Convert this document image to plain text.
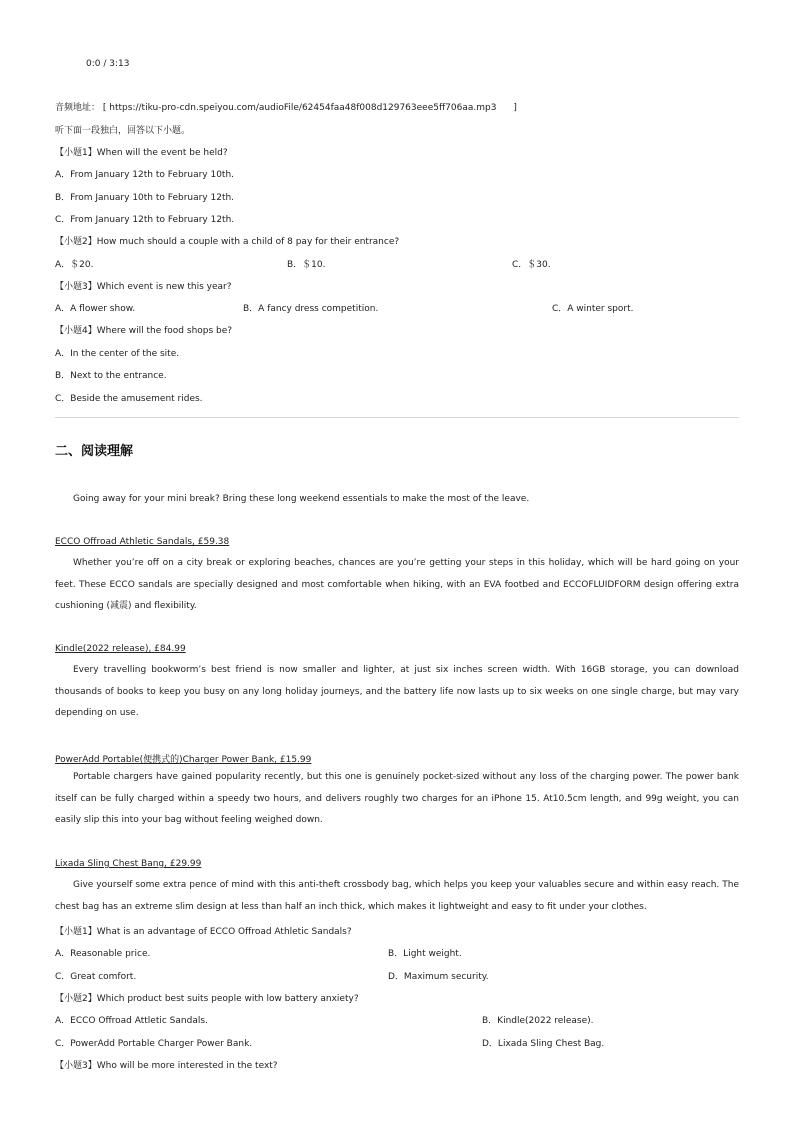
0:0 / 3:13
音频地址： [ https://tiku-pro-cdn.speiyou.com/audioFile/62454faa48f008d129763eee5ff706aa.mp3 ]
听下面一段独白，回答以下小题。
【小题1】When will the event be held?
A．From January 12th to February 10th.
B．From January 10th to February 12th.
C．From January 12th to February 12th.
【小题2】How much should a couple with a child of 8 pay for their entrance?
A．＄20.	B．＄10.	C．＄30.
【小题3】Which event is new this year?
A．A flower show.	B．A fancy dress competition.	C．A winter sport.
【小题4】Where will the food shops be?
A．In the center of the site.
B．Next to the entrance.
C．Beside the amusement rides.
二、阅读理解
Going away for your mini break? Bring these long weekend essentials to make the most of the leave.
ECCO Offroad Athletic Sandals, £59.38
Whether you’re off on a city break or exploring beaches, chances are you’re getting your steps in this holiday, which will be hard going on your feet. These ECCO sandals are specially designed and most comfortable when hiking, with an EVA footbed and ECCOFLUIDFORM design offering extra cushioning (减震) and flexibility.
Kindle(2022 release), £84.99
Every travelling bookworm’s best friend is now smaller and lighter, at just six inches screen width. With 16GB storage, you can download thousands of books to keep you busy on any long holiday journeys, and the battery life now lasts up to six weeks on one single charge, but may vary depending on use.
PowerAdd Portable(便携式的)Charger Power Bank, £15.99
Portable chargers have gained popularity recently, but this one is genuinely pocket-sized without any loss of the charging power. The power bank itself can be fully charged within a speedy two hours, and delivers roughly two charges for an iPhone 15. At10.5cm length, and 99g weight, you can easily slip this into your bag without feeling weighed down.
Lixada Sling Chest Bang, £29.99
Give yourself some extra pence of mind with this anti-theft crossbody bag, which helps you keep your valuables secure and within easy reach. The chest bag has an extreme slim design at less than half an inch thick, which makes it lightweight and easy to fit under your clothes.
【小题1】What is an advantage of ECCO Offroad Athletic Sandals?
A．Reasonable price.	B．Light weight.
C．Great comfort.	D．Maximum security.
【小题2】Which product best suits people with low battery anxiety?
A．ECCO Offroad Attletic Sandals.	B．Kindle(2022 release).
C．PowerAdd Portable Charger Power Bank.	D．Lixada Sling Chest Bag.
【小题3】Who will be more interested in the text?
